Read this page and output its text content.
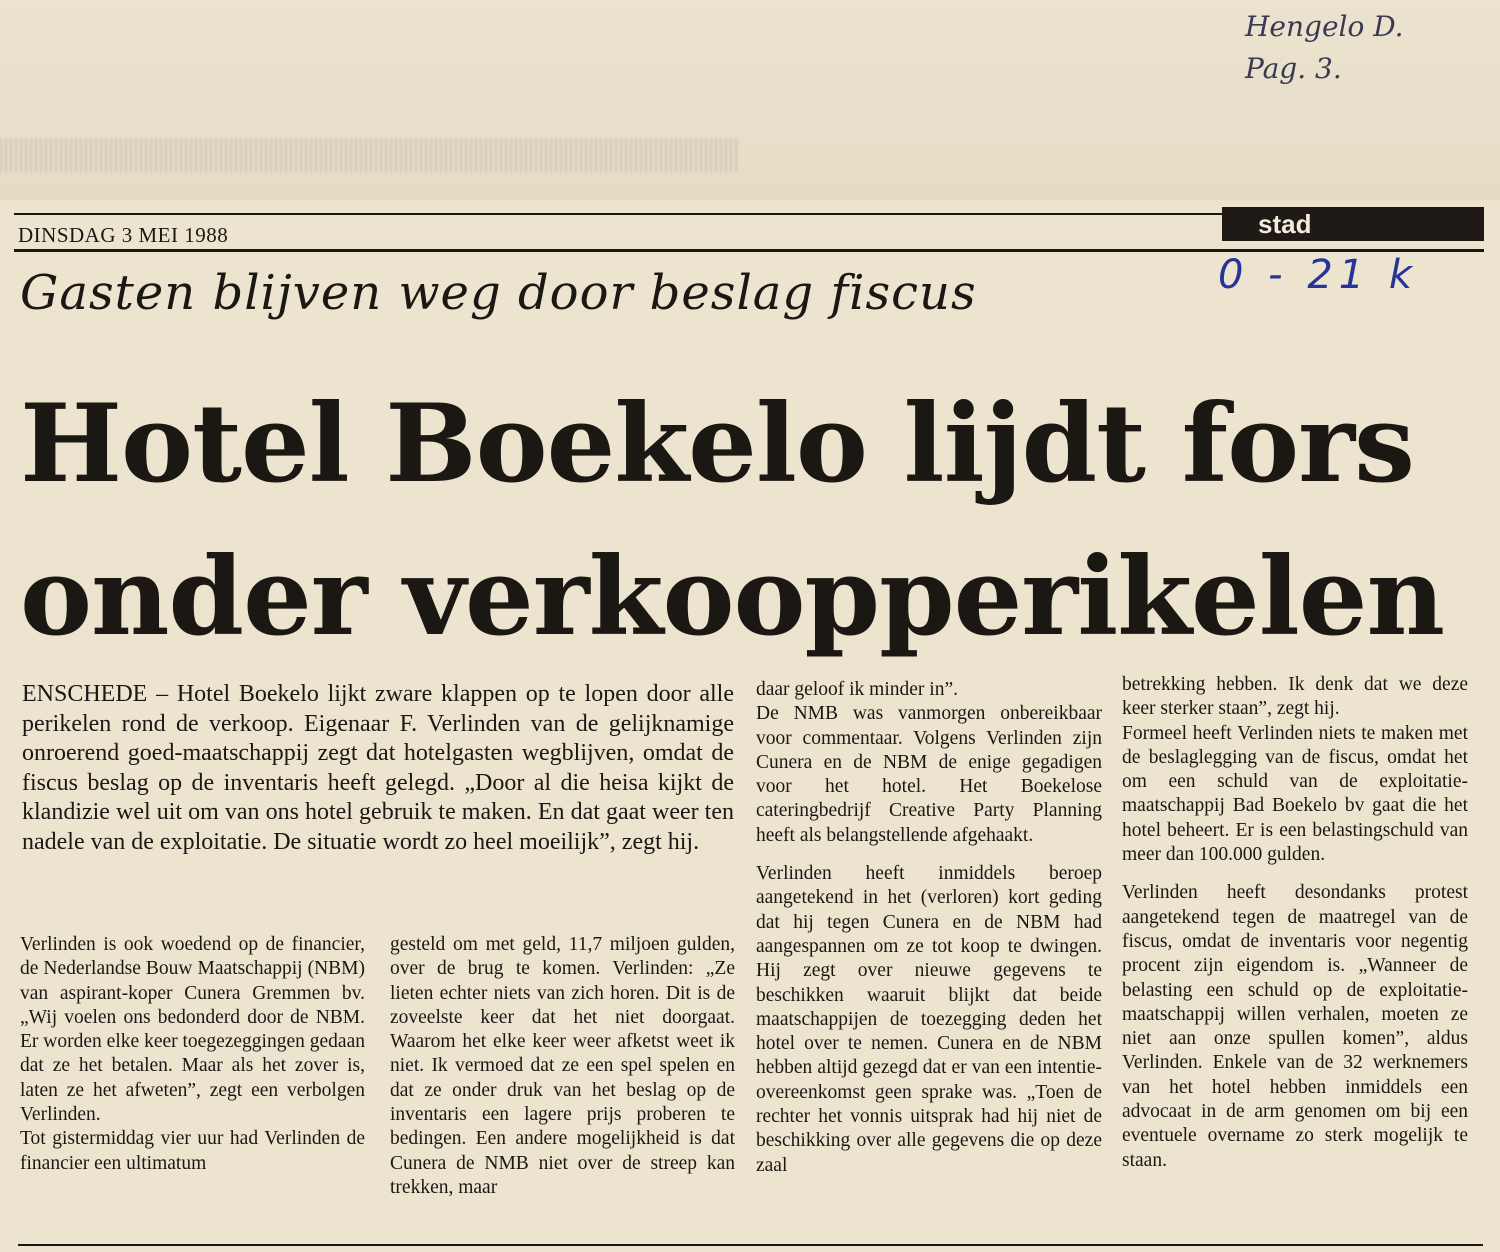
Hengelo D.
Pag. 3.
0 - 21 k
DINSDAG 3 MEI 1988	stad
Gasten blijven weg door beslag fiscus
Hotel Boekelo lijdt fors
onder verkoopperikelen
ENSCHEDE – Hotel Boekelo lijkt zware klappen op te lopen door alle perikelen rond de verkoop. Eigenaar F. Verlinden van de gelijknamige onroerend goed-maatschappij zegt dat hotelgasten wegblijven, omdat de fiscus beslag op de inventaris heeft gelegd. „Door al die heisa kijkt de klandizie wel uit om van ons hotel gebruik te maken. En dat gaat weer ten nadele van de exploitatie. De situatie wordt zo heel moeilijk”, zegt hij.

Verlinden is ook woedend op de financier, de Nederlandse Bouw Maatschappij (NBM) van aspirant-koper Cunera Gremmen bv. „Wij voelen ons bedonderd door de NBM. Er worden elke keer toegezeggingen gedaan dat ze het betalen. Maar als het zover is, laten ze het afweten”, zegt een verbolgen Verlinden.

Tot gistermiddag vier uur had Verlinden de financier een ultimatum

gesteld om met geld, 11,7 miljoen gulden, over de brug te komen. Verlinden: „Ze lieten echter niets van zich horen. Dit is de zoveelste keer dat het niet doorgaat. Waarom het elke keer weer afketst weet ik niet. Ik vermoed dat ze een spel spelen en dat ze onder druk van het beslag op de inventaris een lagere prijs proberen te bedingen. Een andere mogelijkheid is dat Cunera de NMB niet over de streep kan trekken, maar

daar geloof ik minder in”.

De NMB was vanmorgen onbereikbaar voor commentaar. Volgens Verlinden zijn Cunera en de NBM de enige gegadigen voor het hotel. Het Boekelose cateringbedrijf Creative Party Planning heeft als belangstellende afgehaakt.

Verlinden heeft inmiddels beroep aangetekend in het (verloren) kort geding dat hij tegen Cunera en de NBM had aangespannen om ze tot koop te dwingen. Hij zegt over nieuwe gegevens te beschikken waaruit blijkt dat beide maatschappijen de toezegging deden het hotel over te nemen. Cunera en de NBM hebben altijd gezegd dat er van een intentie-overeenkomst geen sprake was. „Toen de rechter het vonnis uitsprak had hij niet de beschikking over alle gegevens die op deze zaal

betrekking hebben. Ik denk dat we deze keer sterker staan”, zegt hij.

Formeel heeft Verlinden niets te maken met de beslaglegging van de fiscus, omdat het om een schuld van de exploitatie-maatschappij Bad Boekelo bv gaat die het hotel beheert. Er is een belastingschuld van meer dan 100.000 gulden.

Verlinden heeft desondanks protest aangetekend tegen de maatregel van de fiscus, omdat de inventaris voor negentig procent zijn eigendom is. „Wanneer de belasting een schuld op de exploitatie-maatschappij willen verhalen, moeten ze niet aan onze spullen komen”, aldus Verlinden. Enkele van de 32 werknemers van het hotel hebben inmiddels een advocaat in de arm genomen om bij een eventuele overname zo sterk mogelijk te staan.
